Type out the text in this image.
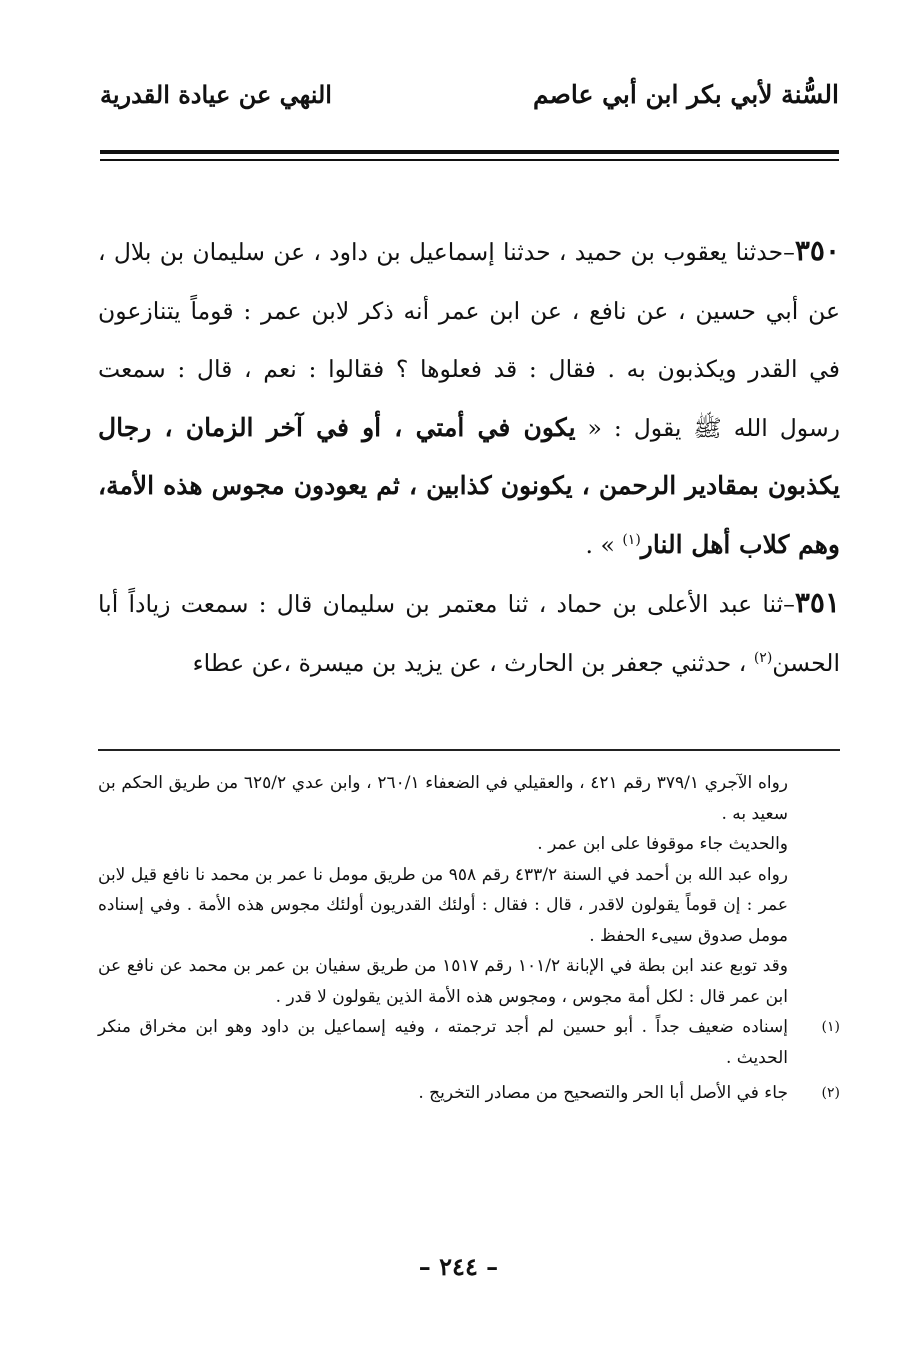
السُّنة لأبي بكر ابن أبي عاصم
النهي عن عيادة القدرية

٣٥٠–حدثنا يعقوب بن حميد ، حدثنا إسماعيل بن داود ، عن سليمان بن بلال ، عن أبي حسين ، عن نافع ، عن ابن عمر أنه ذكر لابن عمر : قوماً يتنازعون في القدر ويكذبون به . فقال : قد فعلوها ؟ فقالوا : نعم ، قال : سمعت رسول الله ﷺ يقول : « يكون في أمتي ، أو في آخر الزمان ، رجال يكذبون بمقادير الرحمن ، يكونون كذابين ، ثم يعودون مجوس هذه الأمة، وهم كلاب أهل النار$^{(١)}$ » .

٣٥١–ثنا عبد الأعلى بن حماد ، ثنا معتمر بن سليمان قال : سمعت زياداً أبا الحسن$^{(٢)}$ ، حدثني جعفر بن الحارث ، عن يزيد بن ميسرة ،عن عطاء

رواه الآجري ٣٧٩/١ رقم ٤٢١ ، والعقيلي في الضعفاء ٢٦٠/١ ، وابن عدي ٦٢٥/٢ من طريق الحكم بن سعيد به .

والحديث جاء موقوفا على ابن عمر .

رواه عبد الله بن أحمد في السنة ٤٣٣/٢ رقم ٩٥٨ من طريق مومل نا عمر بن محمد نا نافع قيل لابن عمر : إن قوماً يقولون لاقدر ، قال : فقال : أولئك القدريون أولئك مجوس هذه الأمة . وفي إسناده مومل صدوق سيىء الحفظ .

وقد توبع عند ابن بطة في الإبانة ١٠١/٢ رقم ١٥١٧ من طريق سفيان بن عمر بن محمد عن نافع عن ابن عمر قال : لكل أمة مجوس ، ومجوس هذه الأمة الذين يقولون لا قدر .

(١)
إسناده ضعيف جداً . أبو حسين لم أجد ترجمته ، وفيه إسماعيل بن داود وهو ابن مخراق منكر الحديث .

(٢)
جاء في الأصل أبا الحر والتصحيح من مصادر التخريج .

– ٢٤٤ –
